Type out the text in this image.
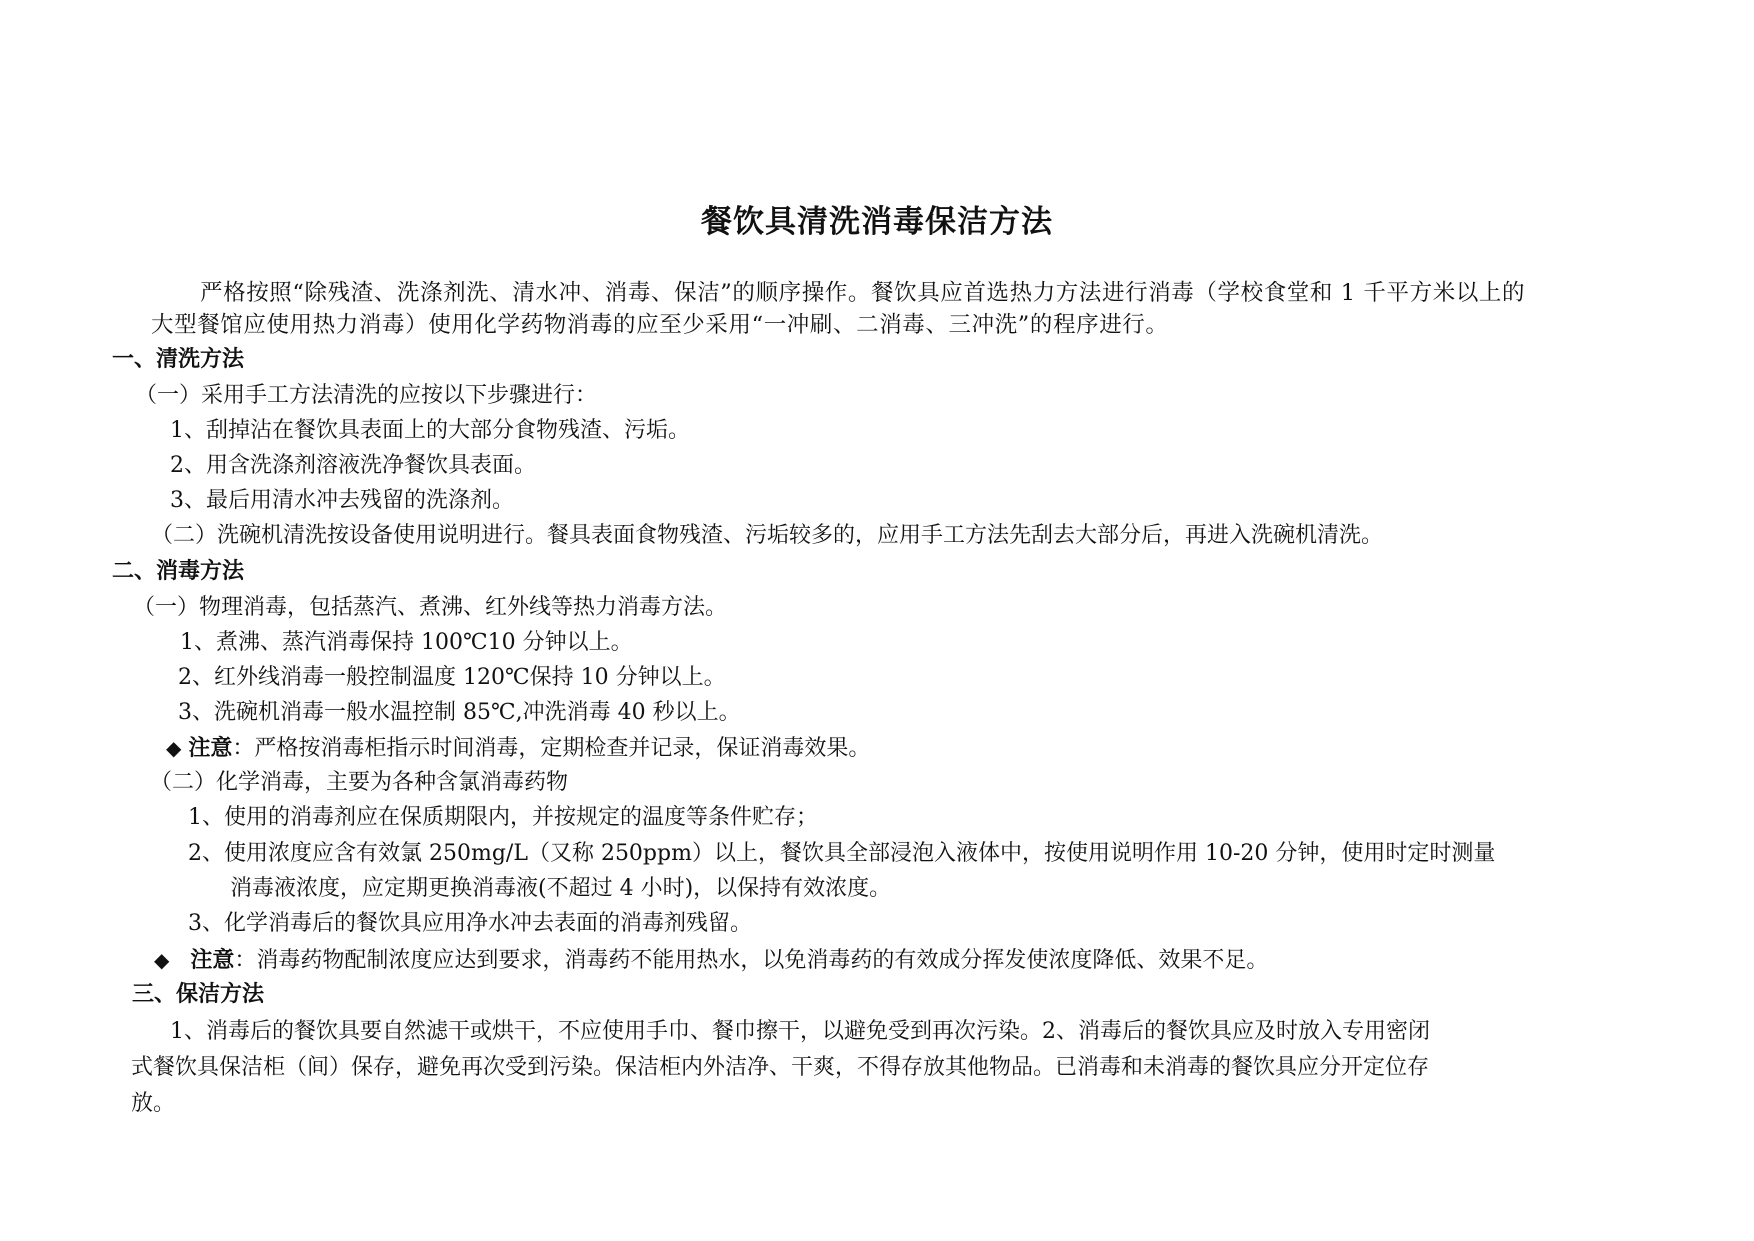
餐饮具清洗消毒保洁方法
严格按照“除残渣、洗涤剂洗、清水冲、消毒、保洁”的顺序操作。餐饮具应首选热力方法进行消毒（学校食堂和 1 千平方米以上的
大型餐馆应使用热力消毒）使用化学药物消毒的应至少采用“一冲刷、二消毒、三冲洗”的程序进行。
一、清洗方法
（一）采用手工方法清洗的应按以下步骤进行：
1、刮掉沾在餐饮具表面上的大部分食物残渣、污垢。
2、用含洗涤剂溶液洗净餐饮具表面。
3、最后用清水冲去残留的洗涤剂。
（二）洗碗机清洗按设备使用说明进行。餐具表面食物残渣、污垢较多的，应用手工方法先刮去大部分后，再进入洗碗机清洗。
二、消毒方法
（一）物理消毒，包括蒸汽、煮沸、红外线等热力消毒方法。
1、煮沸、蒸汽消毒保持 100℃10 分钟以上。
2、红外线消毒一般控制温度 120℃保持 10 分钟以上。
3、洗碗机消毒一般水温控制 85℃,冲洗消毒 40 秒以上。
◆ 注意：严格按消毒柜指示时间消毒，定期检查并记录，保证消毒效果。
（二）化学消毒，主要为各种含氯消毒药物
1、使用的消毒剂应在保质期限内，并按规定的温度等条件贮存；
2、使用浓度应含有效氯 250mg/L（又称 250ppm）以上，餐饮具全部浸泡入液体中，按使用说明作用 10-20 分钟，使用时定时测量
消毒液浓度，应定期更换消毒液(不超过 4 小时)，以保持有效浓度。
3、化学消毒后的餐饮具应用净水冲去表面的消毒剂残留。
◆ 注意：消毒药物配制浓度应达到要求，消毒药不能用热水，以免消毒药的有效成分挥发使浓度降低、效果不足。
三、保洁方法
1、消毒后的餐饮具要自然滤干或烘干，不应使用手巾、餐巾擦干，以避免受到再次污染。2、消毒后的餐饮具应及时放入专用密闭
式餐饮具保洁柜（间）保存，避免再次受到污染。保洁柜内外洁净、干爽，不得存放其他物品。已消毒和未消毒的餐饮具应分开定位存
放。
